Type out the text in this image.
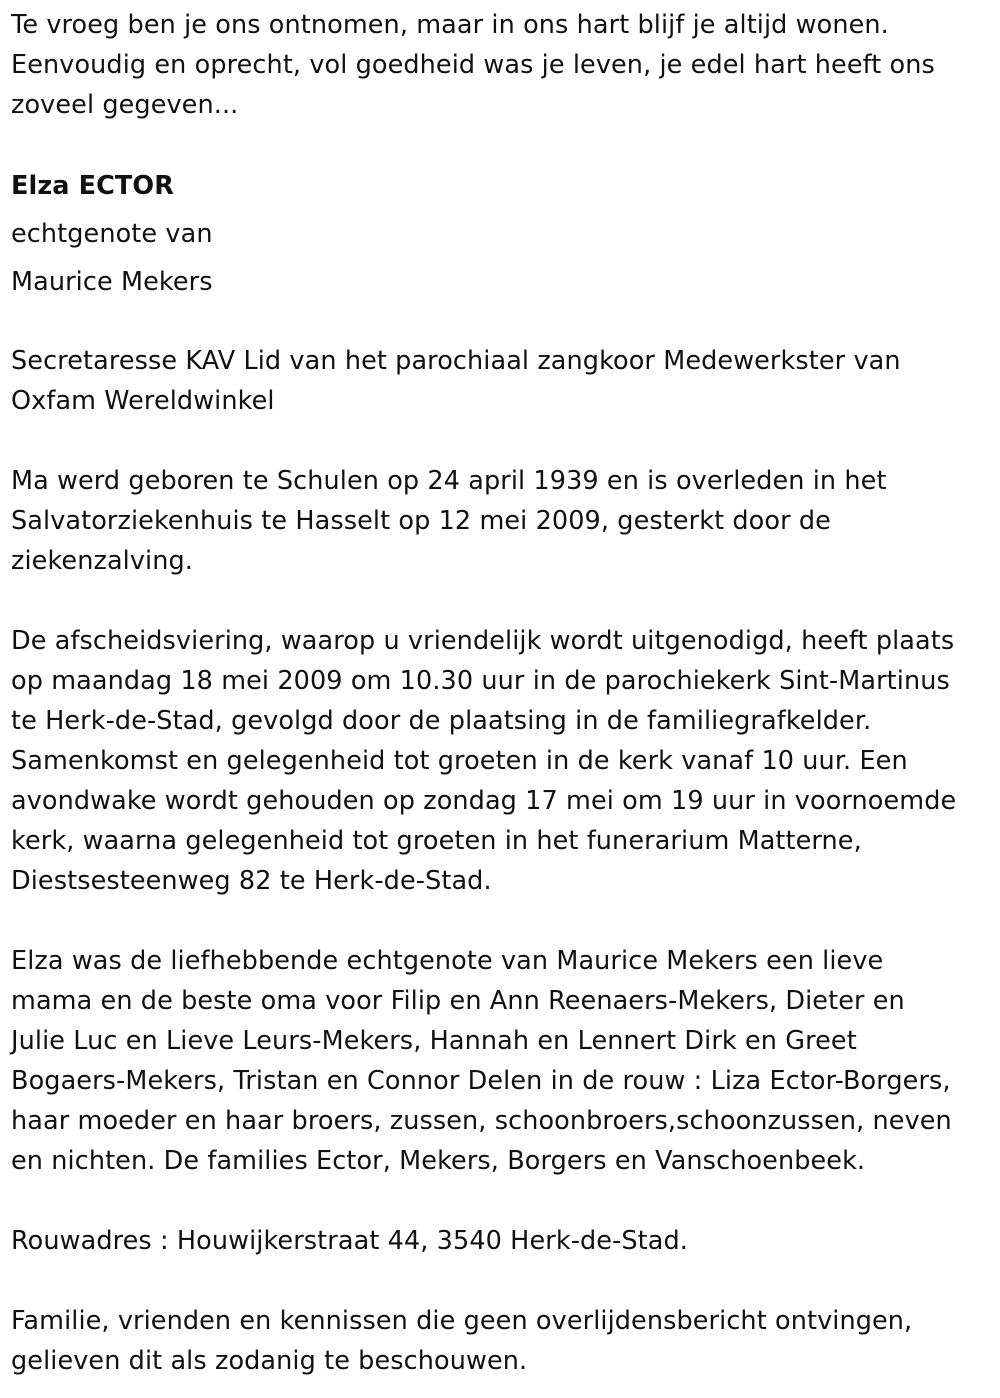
Te vroeg ben je ons ontnomen, maar in ons hart blijf je altijd wonen.
Eenvoudig en oprecht, vol goedheid was je leven, je edel hart heeft ons
zoveel gegeven...

Elza ECTOR
echtgenote van
Maurice Mekers

Secretaresse KAV Lid van het parochiaal zangkoor Medewerkster van
Oxfam Wereldwinkel

Ma werd geboren te Schulen op 24 april 1939 en is overleden in het
Salvatorziekenhuis te Hasselt op 12 mei 2009, gesterkt door de
ziekenzalving.

De afscheidsviering, waarop u vriendelijk wordt uitgenodigd, heeft plaats
op maandag 18 mei 2009 om 10.30 uur in de parochiekerk Sint-Martinus
te Herk-de-Stad, gevolgd door de plaatsing in de familiegrafkelder.
Samenkomst en gelegenheid tot groeten in de kerk vanaf 10 uur. Een
avondwake wordt gehouden op zondag 17 mei om 19 uur in voornoemde
kerk, waarna gelegenheid tot groeten in het funerarium Matterne,
Diestsesteenweg 82 te Herk-de-Stad.

Elza was de liefhebbende echtgenote van Maurice Mekers een lieve
mama en de beste oma voor Filip en Ann Reenaers-Mekers, Dieter en
Julie Luc en Lieve Leurs-Mekers, Hannah en Lennert Dirk en Greet
Bogaers-Mekers, Tristan en Connor Delen in de rouw : Liza Ector-Borgers,
haar moeder en haar broers, zussen, schoonbroers,schoonzussen, neven
en nichten. De families Ector, Mekers, Borgers en Vanschoenbeek.

Rouwadres : Houwijkerstraat 44, 3540 Herk-de-Stad.

Familie, vrienden en kennissen die geen overlijdensbericht ontvingen,
gelieven dit als zodanig te beschouwen.
